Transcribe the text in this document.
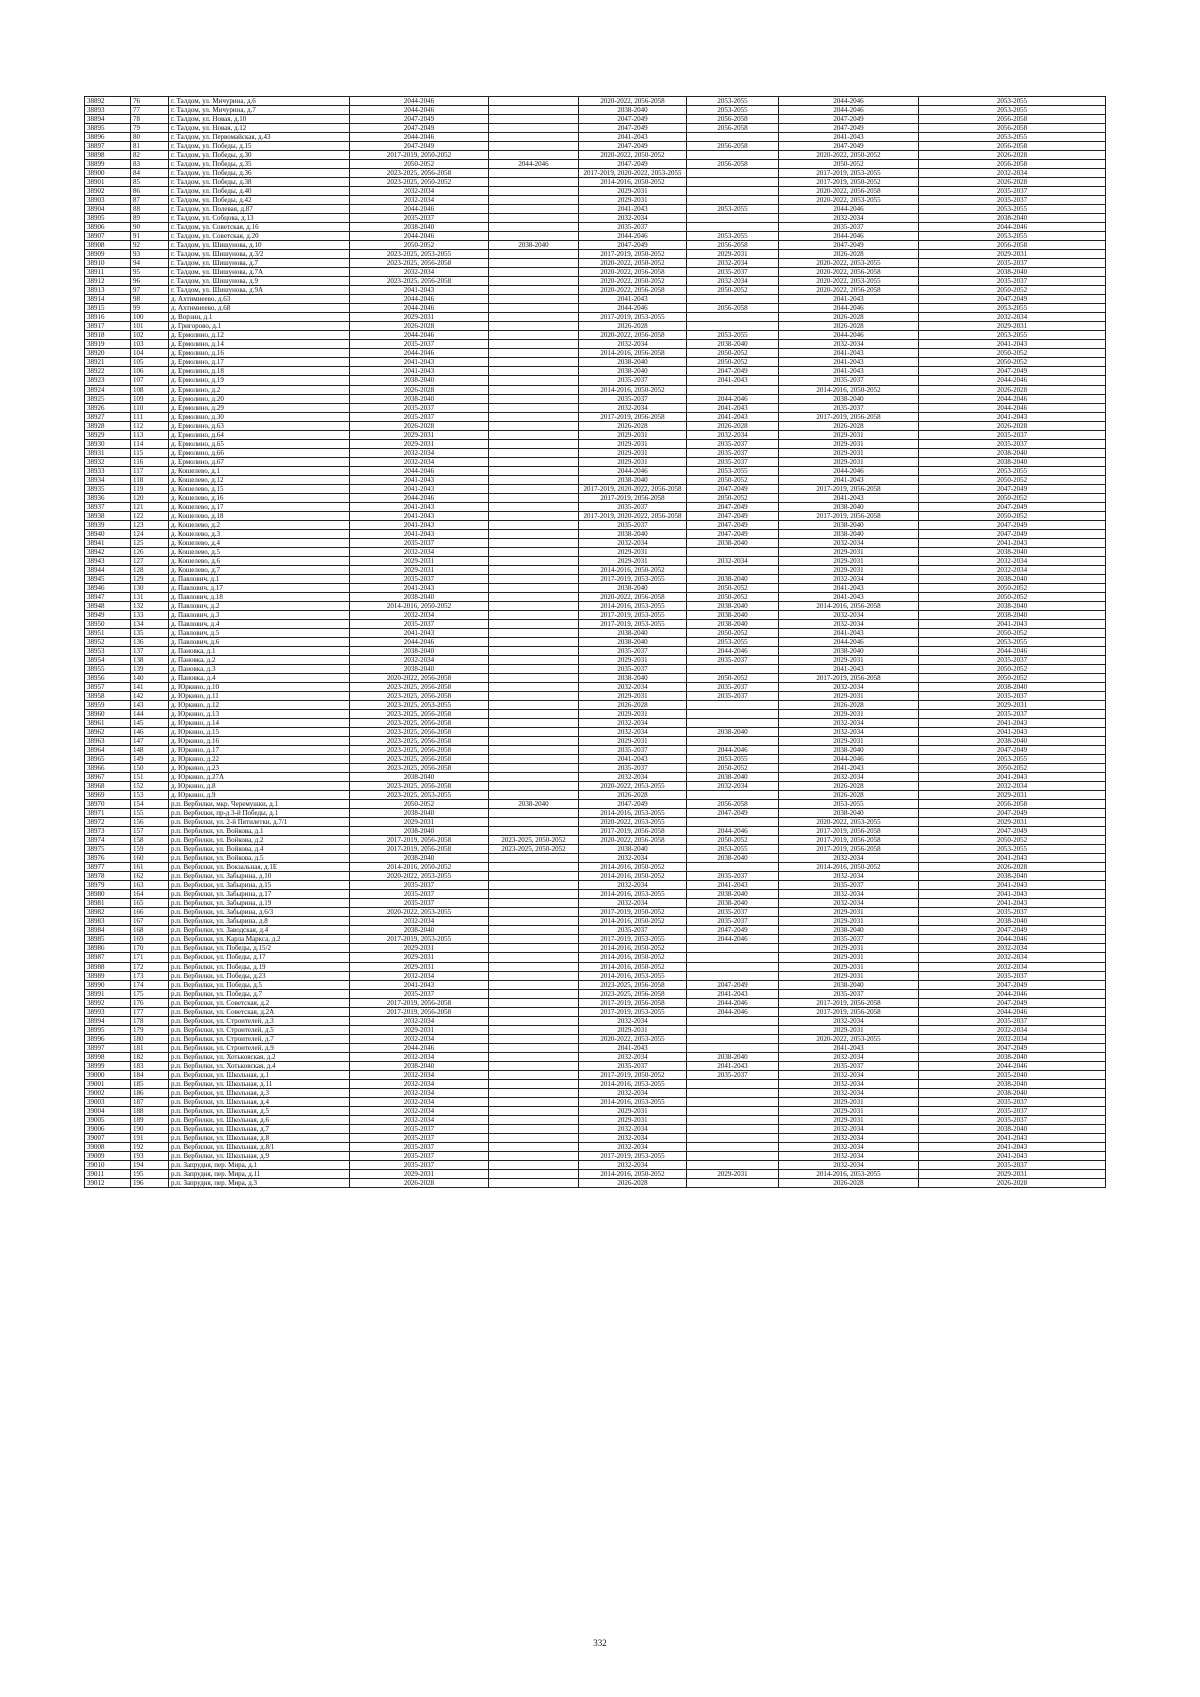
38892	76	г. Талдом, ул. Мичурина, д.6	2044-2046		2020-2022, 2056-2058	2053-2055	2044-2046	2053-2055
38893	77	г. Талдом, ул. Мичурина, д.7	2044-2046		2038-2040	2053-2055	2044-2046	2053-2055
38894	78	г. Талдом, ул. Новая, д.10	2047-2049		2047-2049	2056-2058	2047-2049	2056-2058
38895	79	г. Талдом, ул. Новая, д.12	2047-2049		2047-2049	2056-2058	2047-2049	2056-2058
38896	80	г. Талдом, ул. Первомайская, д.43	2044-2046		2041-2043		2041-2043	2053-2055
38897	81	г. Талдом, ул. Победы, д.15	2047-2049		2047-2049	2056-2058	2047-2049	2056-2058
38898	82	г. Талдом, ул. Победы, д.30	2017-2019, 2050-2052		2020-2022, 2050-2052		2020-2022, 2050-2052	2026-2028
38899	83	г. Талдом, ул. Победы, д.35	2050-2052	2044-2046	2047-2049	2056-2058	2050-2052	2056-2058
38900	84	г. Талдом, ул. Победы, д.36	2023-2025, 2056-2058		2017-2019, 2020-2022, 2053-2055		2017-2019, 2053-2055	2032-2034
38901	85	г. Талдом, ул. Победы, д.38	2023-2025, 2050-2052		2014-2016, 2050-2052		2017-2019, 2050-2052	2026-2028
38902	86	г. Талдом, ул. Победы, д.40	2032-2034		2029-2031		2020-2022, 2056-2058	2035-2037
38903	87	г. Талдом, ул. Победы, д.42	2032-2034		2029-2031		2020-2022, 2053-2055	2035-2037
38904	88	г. Талдом, ул. Полевая, д.87	2044-2046		2041-2043	2053-2055	2044-2046	2053-2055
38905	89	г. Талдом, ул. Собцова, д.13	2035-2037		2032-2034		2032-2034	2038-2040
38906	90	г. Талдом, ул. Советская, д.16	2038-2040		2035-2037		2035-2037	2044-2046
38907	91	г. Талдом, ул. Советская, д.20	2044-2046		2044-2046	2053-2055	2044-2046	2053-2055
38908	92	г. Талдом, ул. Шишунова, д.10	2050-2052	2038-2040	2047-2049	2056-2058	2047-2049	2056-2058
38909	93	г. Талдом, ул. Шишунова, д.3/2	2023-2025, 2053-2055		2017-2019, 2050-2052	2029-2031	2026-2028	2029-2031
38910	94	г. Талдом, ул. Шишунова, д.7	2023-2025, 2056-2058		2020-2022, 2050-2052	2032-2034	2020-2022, 2053-2055	2035-2037
38911	95	г. Талдом, ул. Шишунова, д.7А	2032-2034		2020-2022, 2056-2058	2035-2037	2020-2022, 2056-2058	2038-2040
38912	96	г. Талдом, ул. Шишунова, д.9	2023-2025, 2056-2058		2020-2022, 2050-2052	2032-2034	2020-2022, 2053-2055	2035-2037
38913	97	г. Талдом, ул. Шишунова, д.9А	2041-2043		2020-2022, 2056-2058	2050-2052	2020-2022, 2056-2058	2050-2052
38914	98	д. Ахтимнеево, д.63	2044-2046		2041-2043		2041-2043	2047-2049
38915	99	д. Ахтимнеево, д.68	2044-2046		2044-2046	2056-2058	2044-2046	2053-2055
38916	100	д. Ворзин, д.1	2029-2031		2017-2019, 2053-2055		2026-2028	2032-2034
38917	101	д. Григорово, д.1	2026-2028		2026-2028		2026-2028	2029-2031
38918	102	д. Ермолино, д.12	2044-2046		2020-2022, 2056-2058	2053-2055	2044-2046	2053-2055
38919	103	д. Ермолино, д.14	2035-2037		2032-2034	2038-2040	2032-2034	2041-2043
38920	104	д. Ермолино, д.16	2044-2046		2014-2016, 2056-2058	2050-2052	2041-2043	2050-2052
38921	105	д. Ермолино, д.17	2041-2043		2038-2040	2050-2052	2041-2043	2050-2052
38922	106	д. Ермолино, д.18	2041-2043		2038-2040	2047-2049	2041-2043	2047-2049
38923	107	д. Ермолино, д.19	2038-2040		2035-2037	2041-2043	2035-2037	2044-2046
38924	108	д. Ермолино, д.2	2026-2028		2014-2016, 2050-2052		2014-2016, 2050-2052	2026-2028
38925	109	д. Ермолино, д.20	2038-2040		2035-2037	2044-2046	2038-2040	2044-2046
38926	110	д. Ермолино, д.29	2035-2037		2032-2034	2041-2043	2035-2037	2044-2046
38927	111	д. Ермолино, д.30	2035-2037		2017-2019, 2056-2058	2041-2043	2017-2019, 2056-2058	2041-2043
38928	112	д. Ермолино, д.63	2026-2028		2026-2028	2026-2028	2026-2028	2026-2028
38929	113	д. Ермолино, д.64	2029-2031		2029-2031	2032-2034	2029-2031	2035-2037
38930	114	д. Ермолино, д.65	2029-2031		2029-2031	2035-2037	2029-2031	2035-2037
38931	115	д. Ермолино, д.66	2032-2034		2029-2031	2035-2037	2029-2031	2038-2040
38932	116	д. Ермолино, д.67	2032-2034		2029-2031	2035-2037	2029-2031	2038-2040
38933	117	д. Кошелево, д.1	2044-2046		2044-2046	2053-2055	2044-2046	2053-2055
38934	118	д. Кошелево, д.12	2041-2043		2038-2040	2050-2052	2041-2043	2050-2052
38935	119	д. Кошелево, д.15	2041-2043		2017-2019, 2020-2022, 2056-2058	2047-2049	2017-2019, 2056-2058	2047-2049
38936	120	д. Кошелево, д.16	2044-2046		2017-2019, 2056-2058	2050-2052	2041-2043	2050-2052
38937	121	д. Кошелево, д.17	2041-2043		2035-2037	2047-2049	2038-2040	2047-2049
38938	122	д. Кошелево, д.18	2041-2043		2017-2019, 2020-2022, 2056-2058	2047-2049	2017-2019, 2056-2058	2050-2052
38939	123	д. Кошелево, д.2	2041-2043		2035-2037	2047-2049	2038-2040	2047-2049
38940	124	д. Кошелево, д.3	2041-2043		2038-2040	2047-2049	2038-2040	2047-2049
38941	125	д. Кошелево, д.4	2035-2037		2032-2034	2038-2040	2032-2034	2041-2043
38942	126	д. Кошелево, д.5	2032-2034		2029-2031		2029-2031	2038-2040
38943	127	д. Кошелево, д.6	2029-2031		2029-2031	2032-2034	2029-2031	2032-2034
38944	128	д. Кошелево, д.7	2029-2031		2014-2016, 2050-2052		2029-2031	2032-2034
38945	129	д. Павлович, д.1	2035-2037		2017-2019, 2053-2055	2038-2040	2032-2034	2038-2040
38946	130	д. Павлович, д.17	2041-2043		2038-2040	2050-2052	2041-2043	2050-2052
38947	131	д. Павлович, д.18	2038-2040		2020-2022, 2056-2058	2050-2052	2041-2043	2050-2052
38948	132	д. Павлович, д.2	2014-2016, 2050-2052		2014-2016, 2053-2055	2038-2040	2014-2016, 2056-2058	2038-2040
38949	133	д. Павлович, д.3	2032-2034		2017-2019, 2053-2055	2038-2040	2032-2034	2038-2040
38950	134	д. Павлович, д.4	2035-2037		2017-2019, 2053-2055	2038-2040	2032-2034	2041-2043
38951	135	д. Павлович, д.5	2041-2043		2038-2040	2050-2052	2041-2043	2050-2052
38952	136	д. Павлович, д.6	2044-2046		2038-2040	2053-2055	2044-2046	2053-2055
38953	137	д. Пановка, д.1	2038-2040		2035-2037	2044-2046	2038-2040	2044-2046
38954	138	д. Пановка, д.2	2032-2034		2029-2031	2035-2037	2029-2031	2035-2037
38955	139	д. Пановка, д.3	2038-2040		2035-2037		2041-2043	2050-2052
38956	140	д. Пановка, д.4	2020-2022, 2056-2058		2038-2040	2050-2052	2017-2019, 2056-2058	2050-2052
38957	141	д. Юркино, д.10	2023-2025, 2056-2058		2032-2034	2035-2037	2032-2034	2038-2040
38958	142	д. Юркино, д.11	2023-2025, 2056-2058		2029-2031	2035-2037	2029-2031	2035-2037
38959	143	д. Юркино, д.12	2023-2025, 2053-2055		2026-2028		2026-2028	2029-2031
38960	144	д. Юркино, д.13	2023-2025, 2056-2058		2029-2031		2029-2031	2035-2037
38961	145	д. Юркино, д.14	2023-2025, 2056-2058		2032-2034		2032-2034	2041-2043
38962	146	д. Юркино, д.15	2023-2025, 2056-2058		2032-2034	2038-2040	2032-2034	2041-2043
38963	147	д. Юркино, д.16	2023-2025, 2056-2058		2029-2031		2029-2031	2038-2040
38964	148	д. Юркино, д.17	2023-2025, 2056-2058		2035-2037	2044-2046	2038-2040	2047-2049
38965	149	д. Юркино, д.22	2023-2025, 2056-2058		2041-2043	2053-2055	2044-2046	2053-2055
38966	150	д. Юркино, д.23	2023-2025, 2056-2058		2035-2037	2050-2052	2041-2043	2050-2052
38967	151	д. Юркино, д.27А	2038-2040		2032-2034	2038-2040	2032-2034	2041-2043
38968	152	д. Юркино, д.8	2023-2025, 2056-2058		2020-2022, 2053-2055	2032-2034	2026-2028	2032-2034
38969	153	д. Юркино, д.9	2023-2025, 2053-2055		2026-2028		2026-2028	2029-2031
38970	154	р.п. Вербилки, мкр. Черемушки, д.1	2050-2052	2038-2040	2047-2049	2056-2058	2053-2055	2056-2058
38971	155	р.п. Вербилки, пр-д 3-й Победы, д.1	2038-2040		2014-2016, 2053-2055	2047-2049	2038-2040	2047-2049
38972	156	р.п. Вербилки, ул. 2-й Пятилетки, д.7/1	2029-2031		2020-2022, 2053-2055		2020-2022, 2053-2055	2029-2031
38973	157	р.п. Вербилки, ул. Войкова, д.1	2038-2040		2017-2019, 2056-2058	2044-2046	2017-2019, 2056-2058	2047-2049
38974	158	р.п. Вербилки, ул. Войкова, д.2	2017-2019, 2056-2058	2023-2025, 2050-2052	2020-2022, 2056-2058	2050-2052	2017-2019, 2056-2058	2050-2052
38975	159	р.п. Вербилки, ул. Войкова, д.4	2017-2019, 2056-2058	2023-2025, 2050-2052	2038-2040	2053-2055	2017-2019, 2056-2058	2053-2055
38976	160	р.п. Вербилки, ул. Войкова, д.5	2038-2040		2032-2034	2038-2040	2032-2034	2041-2043
38977	161	р.п. Вербилки, ул. Вокзальная, д.1Е	2014-2016, 2050-2052		2014-2016, 2050-2052		2014-2016, 2050-2052	2026-2028
38978	162	р.п. Вербилки, ул. Забырина, д.10	2020-2022, 2053-2055		2014-2016, 2050-2052	2035-2037	2032-2034	2038-2040
38979	163	р.п. Вербилки, ул. Забырина, д.15	2035-2037		2032-2034	2041-2043	2035-2037	2041-2043
38980	164	р.п. Вербилки, ул. Забырина, д.17	2035-2037		2014-2016, 2053-2055	2038-2040	2032-2034	2041-2043
38981	165	р.п. Вербилки, ул. Забырина, д.19	2035-2037		2032-2034	2038-2040	2032-2034	2041-2043
38982	166	р.п. Вербилки, ул. Забырина, д.6/3	2020-2022, 2053-2055		2017-2019, 2050-2052	2035-2037	2029-2031	2035-2037
38983	167	р.п. Вербилки, ул. Забырина, д.8	2032-2034		2014-2016, 2050-2052	2035-2037	2029-2031	2038-2040
38984	168	р.п. Вербилки, ул. Заводская, д.4	2038-2040		2035-2037	2047-2049	2038-2040	2047-2049
38985	169	р.п. Вербилки, ул. Карла Маркса, д.2	2017-2019, 2053-2055		2017-2019, 2053-2055	2044-2046	2035-2037	2044-2046
38986	170	р.п. Вербилки, ул. Победы, д.15/2	2029-2031		2014-2016, 2050-2052		2029-2031	2032-2034
38987	171	р.п. Вербилки, ул. Победы, д.17	2029-2031		2014-2016, 2050-2052		2029-2031	2032-2034
38988	172	р.п. Вербилки, ул. Победы, д.19	2029-2031		2014-2016, 2050-2052		2029-2031	2032-2034
38989	173	р.п. Вербилки, ул. Победы, д.23	2032-2034		2014-2016, 2053-2055		2029-2031	2035-2037
38990	174	р.п. Вербилки, ул. Победы, д.5	2041-2043		2023-2025, 2056-2058	2047-2049	2038-2040	2047-2049
38991	175	р.п. Вербилки, ул. Победы, д.7	2035-2037		2023-2025, 2056-2058	2041-2043	2035-2037	2044-2046
38992	176	р.п. Вербилки, ул. Советская, д.2	2017-2019, 2056-2058		2017-2019, 2056-2058	2044-2046	2017-2019, 2056-2058	2047-2049
38993	177	р.п. Вербилки, ул. Советская, д.2А	2017-2019, 2056-2058		2017-2019, 2053-2055	2044-2046	2017-2019, 2056-2058	2044-2046
38994	178	р.п. Вербилки, ул. Строителей, д.3	2032-2034		2032-2034		2032-2034	2035-2037
38995	179	р.п. Вербилки, ул. Строителей, д.5	2029-2031		2029-2031		2029-2031	2032-2034
38996	180	р.п. Вербилки, ул. Строителей, д.7	2032-2034		2020-2022, 2053-2055		2020-2022, 2053-2055	2032-2034
38997	181	р.п. Вербилки, ул. Строителей, д.9	2044-2046		2041-2043		2041-2043	2047-2049
38998	182	р.п. Вербилки, ул. Хотьковская, д.2	2032-2034		2032-2034	2038-2040	2032-2034	2038-2040
38999	183	р.п. Вербилки, ул. Хотьковская, д.4	2038-2040		2035-2037	2041-2043	2035-2037	2044-2046
39000	184	р.п. Вербилки, ул. Школьная, д.1	2032-2034		2017-2019, 2050-2052	2035-2037	2032-2034	2035-2040
39001	185	р.п. Вербилки, ул. Школьная, д.11	2032-2034		2014-2016, 2053-2055		2032-2034	2038-2040
39002	186	р.п. Вербилки, ул. Школьная, д.3	2032-2034		2032-2034		2032-2034	2038-2040
39003	187	р.п. Вербилки, ул. Школьная, д.4	2032-2034		2014-2016, 2053-2055		2029-2031	2035-2037
39004	188	р.п. Вербилки, ул. Школьная, д.5	2032-2034		2029-2031		2029-2031	2035-2037
39005	189	р.п. Вербилки, ул. Школьная, д.6	2032-2034		2029-2031		2029-2031	2035-2037
39006	190	р.п. Вербилки, ул. Школьная, д.7	2035-2037		2032-2034		2032-2034	2038-2040
39007	191	р.п. Вербилки, ул. Школьная, д.8	2035-2037		2032-2034		2032-2034	2041-2043
39008	192	р.п. Вербилки, ул. Школьная, д.8/1	2035-2037		2032-2034		2032-2034	2041-2043
39009	193	р.п. Вербилки, ул. Школьная, д.9	2035-2037		2017-2019, 2053-2055		2032-2034	2041-2043
39010	194	р.п. Запрудня, пер. Мира, д.1	2035-2037		2032-2034		2032-2034	2035-2037
39011	195	р.п. Запрудня, пер. Мира, д.11	2029-2031		2014-2016, 2050-2052	2029-2031	2014-2016, 2053-2055	2029-2031
39012	196	р.п. Запрудня, пер. Мира, д.3	2026-2028		2026-2028		2026-2028	2026-2028
332
